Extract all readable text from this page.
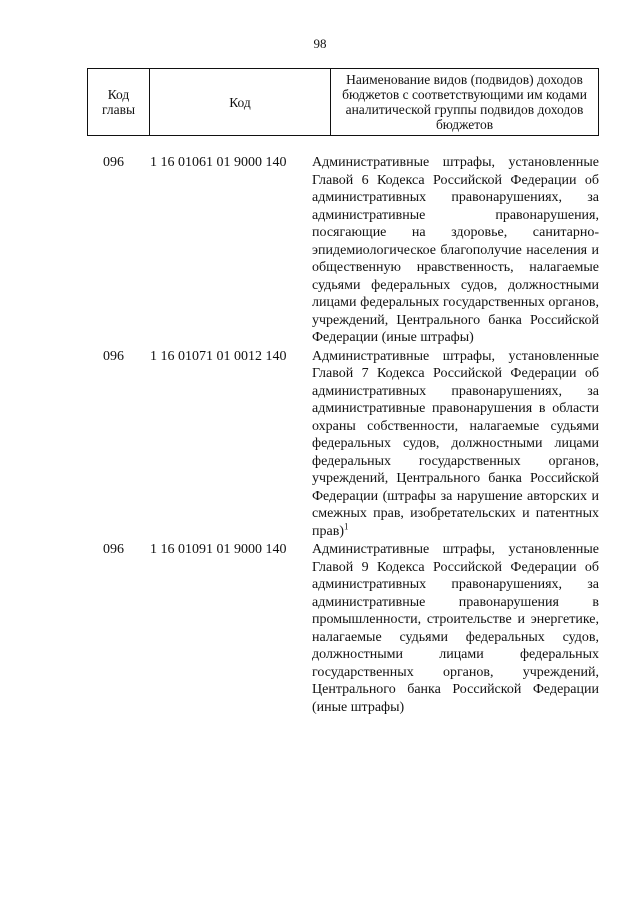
98
Код главы	Код	Наименование видов (подвидов) доходов бюджетов с соответствующими им кодами аналитической группы подвидов доходов бюджетов
096	1 16 01061 01 9000 140	Административные штрафы, установленные Главой 6 Кодекса Российской Федерации об административных правонарушениях, за административные правонарушения, посягающие на здоровье, санитарно-эпидемиологическое благополучие населения и общественную нравственность, налагаемые судьями федеральных судов, должностными лицами федеральных государственных органов, учреждений, Центрального банка Российской Федерации (иные штрафы)
096	1 16 01071 01 0012 140	Административные штрафы, установленные Главой 7 Кодекса Российской Федерации об административных правонарушениях, за административные правонарушения в области охраны собственности, налагаемые судьями федеральных судов, должностными лицами федеральных государственных органов, учреждений, Центрального банка Российской Федерации (штрафы за нарушение авторских и смежных прав, изобретательских и патентных прав)$^1$
096	1 16 01091 01 9000 140	Административные штрафы, установленные Главой 9 Кодекса Российской Федерации об административных правонарушениях, за административные правонарушения в промышленности, строительстве и энергетике, налагаемые судьями федеральных судов, должностными лицами федеральных государственных органов, учреждений, Центрального банка Российской Федерации (иные штрафы)
